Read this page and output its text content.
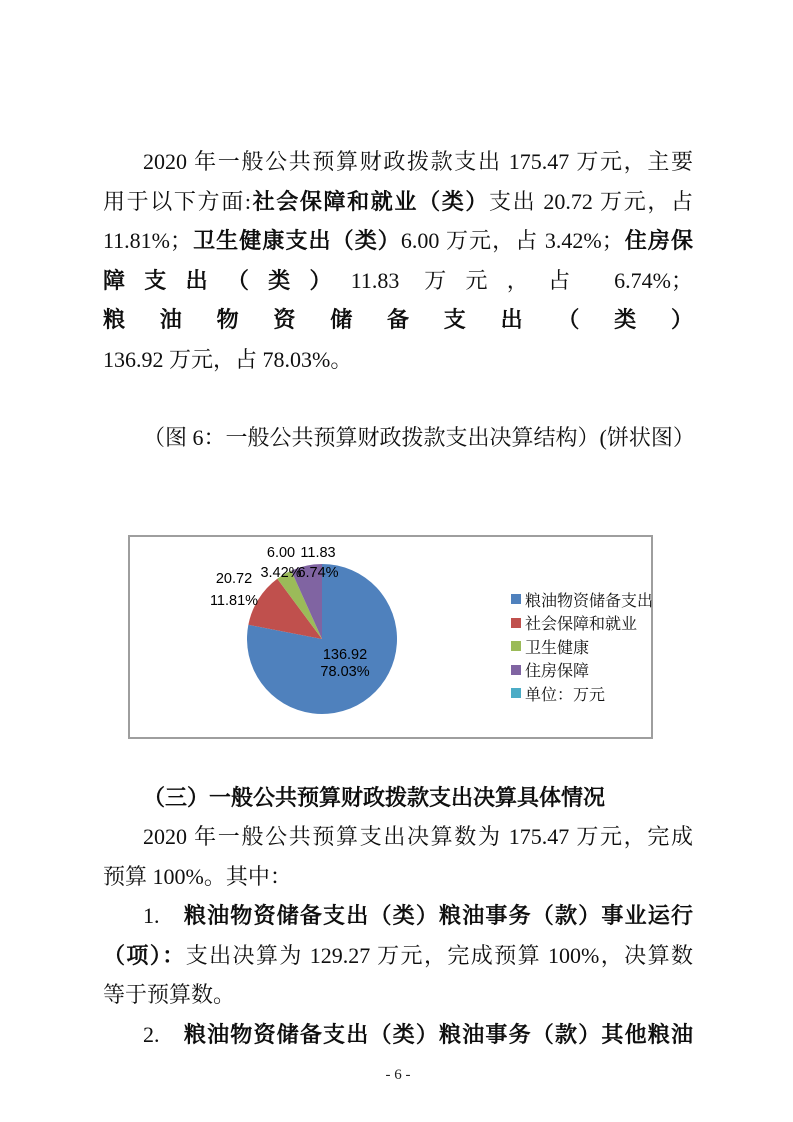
2020 年一般公共预算财政拨款支出 175.47 万元，主要
用于以下方面:社会保障和就业（类）支出 20.72 万元，占
11.81%；卫生健康支出（类）6.00 万元，占 3.42%；住房保
障支出（类）11.83 万元，占 6.74%；粮油物资储备支出（类）
136.92 万元，占 78.03%。
（图 6：一般公共预算财政拨款支出决算结构）(饼状图）
136.92
78.03%
20.72
11.81%
6.00
3.42%
11.83
6.74%
粮油物资储备支出
社会保障和就业
卫生健康
住房保障
单位：万元
（三）一般公共预算财政拨款支出决算具体情况
2020 年一般公共预算支出决算数为 175.47 万元，完成
预算 100%。其中：
1.　粮油物资储备支出（类）粮油事务（款）事业运行
（项）：支出决算为 129.27 万元，完成预算 100%，决算数
等于预算数。
2.　粮油物资储备支出（类）粮油事务（款）其他粮油
- 6 -
